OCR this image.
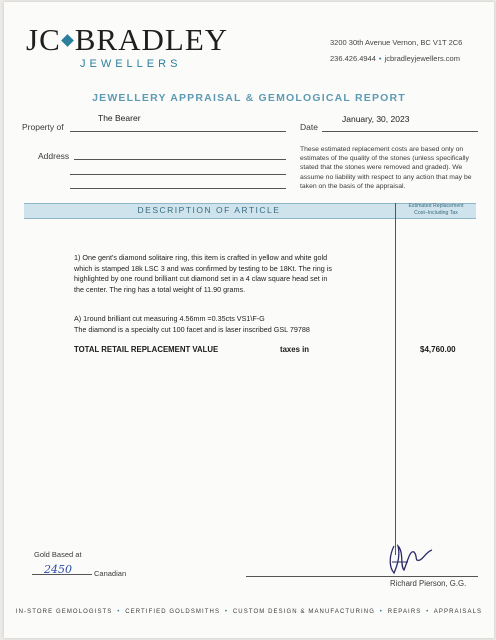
JC BRADLEY
JEWELLERS
3200 30th Avenue Vernon, BC V1T 2C6
236.426.4944 • jcbradleyjewellers.com
JEWELLERY APPRAISAL & GEMOLOGICAL REPORT
Property of
The Bearer
Date
January, 30, 2023
Address
These estimated replacement costs are based only on estimates of the quality of the stones (unless specifically stated that the stones were removed and graded). We assume no liability with respect to any action that may be taken on the basis of the appraisal.
DESCRIPTION OF ARTICLE	Estimated Replacement
Cost–Including Tax
1) One gent's diamond solitaire ring, this item is crafted in yellow and white gold which is stamped 18k LSC 3 and was confirmed by testing to be 18Kt. The ring is highlighted by one round brilliant cut diamond set in a 4 claw square head set in the center. The ring has a total weight of 11.90 grams.
A) 1round brilliant cut measuring 4.56mm =0.35cts VS1\F-G
The diamond is a specialty cut 100 facet and is laser inscribed GSL 79788
TOTAL RETAIL REPLACEMENT VALUE	taxes in	$4,760.00
Gold Based at
2450	Canadian
Richard Pierson, G.G.
IN-STORE GEMOLOGISTS • CERTIFIED GOLDSMITHS • CUSTOM DESIGN & MANUFACTURING • REPAIRS • APPRAISALS
